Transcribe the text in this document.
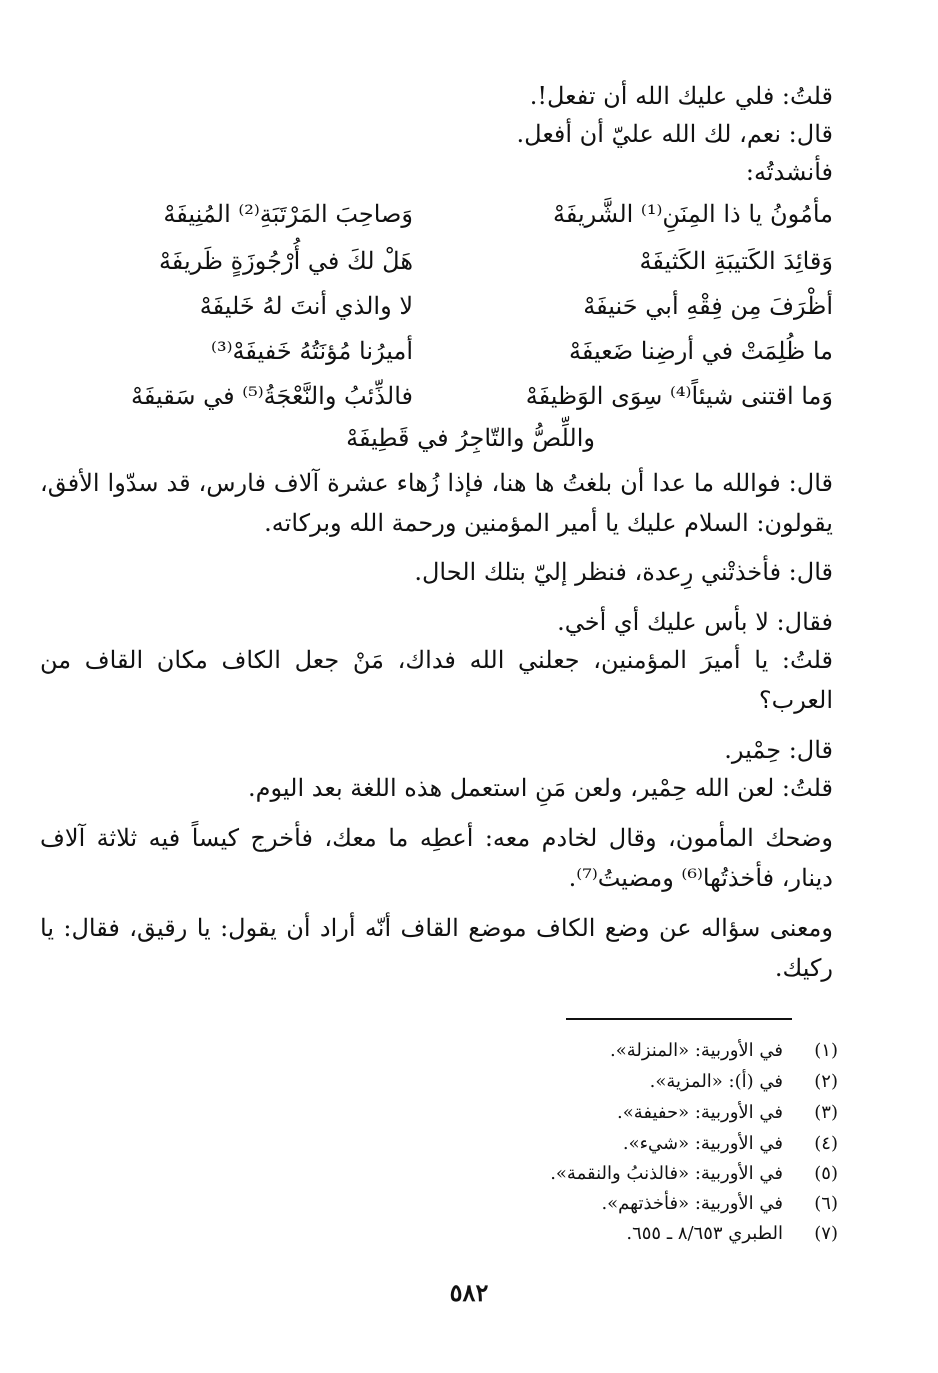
قلتُ: فلي عليك الله أن تفعل!.
قال: نعم، لك الله عليّ أن أفعل.
فأنشدتُه:
مأمُونُ يا ذا المِنَنِ⁽¹⁾ الشَّريفَهْ
وَصاحِبَ المَرْتَبَةِ⁽²⁾ المُنِيفَهْ
وَقائِدَ الكَتيبَةِ الكَثيفَهْ
هَلْ لكَ في أُرْجُوزَةٍ ظَريفَهْ
أظْرَفَ مِن فِقْهِ أبي حَنيفَهْ
لا والذي أنتَ لهُ خَليفَهْ
ما ظُلِمَتْ في أرضِنا ضَعيفَهْ
أميرُنا مُؤنَتُهُ خَفيفَهْ⁽³⁾
وَما اقتنى شيئاً⁽⁴⁾ سِوَى الوَظيفَهْ
فالذِّئبُ والنَّعْجَةُ⁽⁵⁾ في سَقيفَهْ
واللِّصُّ والتّاجِرُ في قَطِيفَهْ
قال: فوالله ما عدا أن بلغتُ ها هنا، فإذا زُهاء عشرة آلاف فارس، قد سدّوا الأفق، يقولون: السلام عليك يا أمير المؤمنين ورحمة الله وبركاته.
قال: فأخذتْني رِعدة، فنظر إليّ بتلك الحال.
فقال: لا بأس عليك أي أخي.
قلتُ: يا أميرَ المؤمنين، جعلني الله فداك، مَنْ جعل الكاف مكان القاف من العرب؟
قال: حِمْير.
قلتُ: لعن الله حِمْير، ولعن مَنِ استعمل هذه اللغة بعد اليوم.
وضحك المأمون، وقال لخادم معه: أعطِه ما معك، فأخرج كيساً فيه ثلاثة آلاف دينار، فأخذتُها⁽⁶⁾ ومضيتُ⁽⁷⁾.
ومعنى سؤاله عن وضع الكاف موضع القاف أنّه أراد أن يقول: يا رقيق، فقال: يا ركيك.
(١)
في الأوربية: «المنزلة».
(٢)
في (أ): «المزية».
(٣)
في الأوربية: «حفيفة».
(٤)
في الأوربية: «شيء».
(٥)
في الأوربية: «فالذنبُ والنقمة».
(٦)
في الأوربية: «فأخذتهم».
(٧)
الطبري ٨/٦٥٣ ـ ٦٥٥.
٥٨٢
